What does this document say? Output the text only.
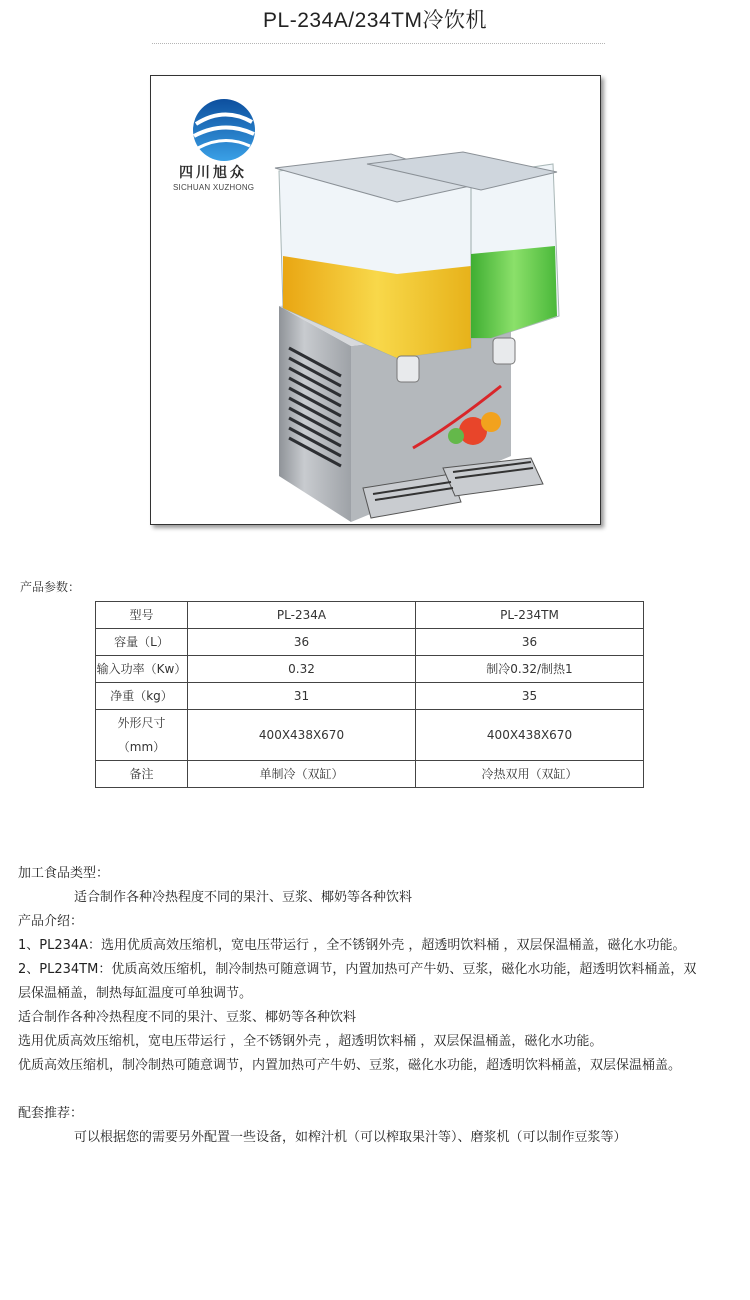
PL-234A/234TM冷饮机
四川旭众
SICHUAN XUZHONG
产品参数：
型号	PL-234A	PL-234TM
容量（L）	36	36
输入功率（Kw）	0.32	制冷0.32/制热1
净重（kg）	31	35

外形尺寸
（mm）	400X438X670	400X438X670
备注	单制冷（双缸）	冷热双用（双缸）
加工食品类型：
适合制作各种冷热程度不同的果汁、豆浆、椰奶等各种饮料
产品介绍：
1、PL234A：选用优质高效压缩机，宽电压带运行 ，全不锈钢外壳 ，超透明饮料桶 ，双层保温桶盖，磁化水功能。
2、PL234TM：优质高效压缩机，制冷制热可随意调节，内置加热可产牛奶、豆浆，磁化水功能，超透明饮料桶盖，双
层保温桶盖，制热每缸温度可单独调节。
适合制作各种冷热程度不同的果汁、豆浆、椰奶等各种饮料
选用优质高效压缩机，宽电压带运行 ，全不锈钢外壳 ，超透明饮料桶 ，双层保温桶盖，磁化水功能。
优质高效压缩机，制冷制热可随意调节，内置加热可产牛奶、豆浆，磁化水功能，超透明饮料桶盖，双层保温桶盖。
配套推荐：
可以根据您的需要另外配置一些设备，如榨汁机（可以榨取果汁等）、磨浆机（可以制作豆浆等）
